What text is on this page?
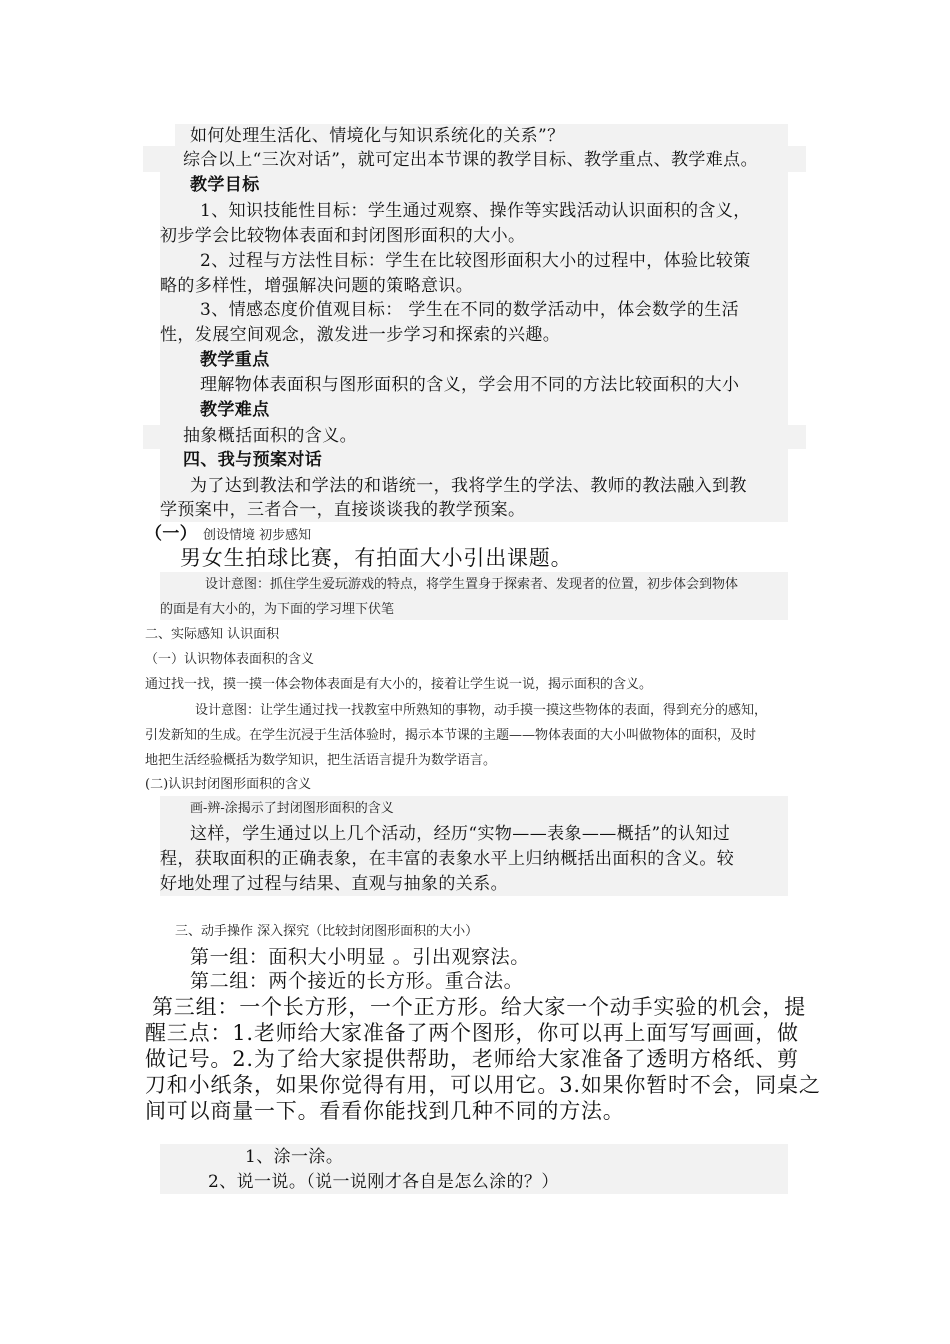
如何处理生活化、情境化与知识系统化的关系”？
综合以上“三次对话”，就可定出本节课的教学目标、教学重点、教学难点。
教学目标
1、知识技能性目标：学生通过观察、操作等实践活动认识面积的含义，
初步学会比较物体表面和封闭图形面积的大小。
2、过程与方法性目标：学生在比较图形面积大小的过程中，体验比较策
略的多样性，增强解决问题的策略意识。
3、情感态度价值观目标： 学生在不同的数学活动中，体会数学的生活
性，发展空间观念，激发进一步学习和探索的兴趣。
教学重点
理解物体表面积与图形面积的含义，学会用不同的方法比较面积的大小
教学难点
抽象概括面积的含义。
四、我与预案对话
为了达到教法和学法的和谐统一，我将学生的学法、教师的教法融入到教
学预案中，三者合一，直接谈谈我的教学预案。
（一） 创设情境 初步感知
男女生拍球比赛，有拍面大小引出课题。
设计意图：抓住学生爱玩游戏的特点，将学生置身于探索者、发现者的位置，初步体会到物体
的面是有大小的，为下面的学习埋下伏笔
二、实际感知 认识面积
（一）认识物体表面积的含义
通过找一找，摸一摸一体会物体表面是有大小的，接着让学生说一说，揭示面积的含义。
设计意图：让学生通过找一找教室中所熟知的事物，动手摸一摸这些物体的表面，得到充分的感知，
引发新知的生成。在学生沉浸于生活体验时，揭示本节课的主题——物体表面的大小叫做物体的面积，及时
地把生活经验概括为数学知识，把生活语言提升为数学语言。
(二)认识封闭图形面积的含义
画-辨-涂揭示了封闭图形面积的含义
这样，学生通过以上几个活动，经历“实物——表象——概括”的认知过
程，获取面积的正确表象，在丰富的表象水平上归纳概括出面积的含义。较
好地处理了过程与结果、直观与抽象的关系。
三、动手操作 深入探究（比较封闭图形面积的大小）
第一组：面积大小明显 。引出观察法。
第二组：两个接近的长方形。重合法。
第三组：一个长方形，一个正方形。给大家一个动手实验的机会，提
醒三点：1.老师给大家准备了两个图形，你可以再上面写写画画，做
做记号。2.为了给大家提供帮助，老师给大家准备了透明方格纸、剪
刀和小纸条，如果你觉得有用，可以用它。3.如果你暂时不会，同桌之
间可以商量一下。看看你能找到几种不同的方法。
1、涂一涂。
2、说一说。（说一说刚才各自是怎么涂的？）
